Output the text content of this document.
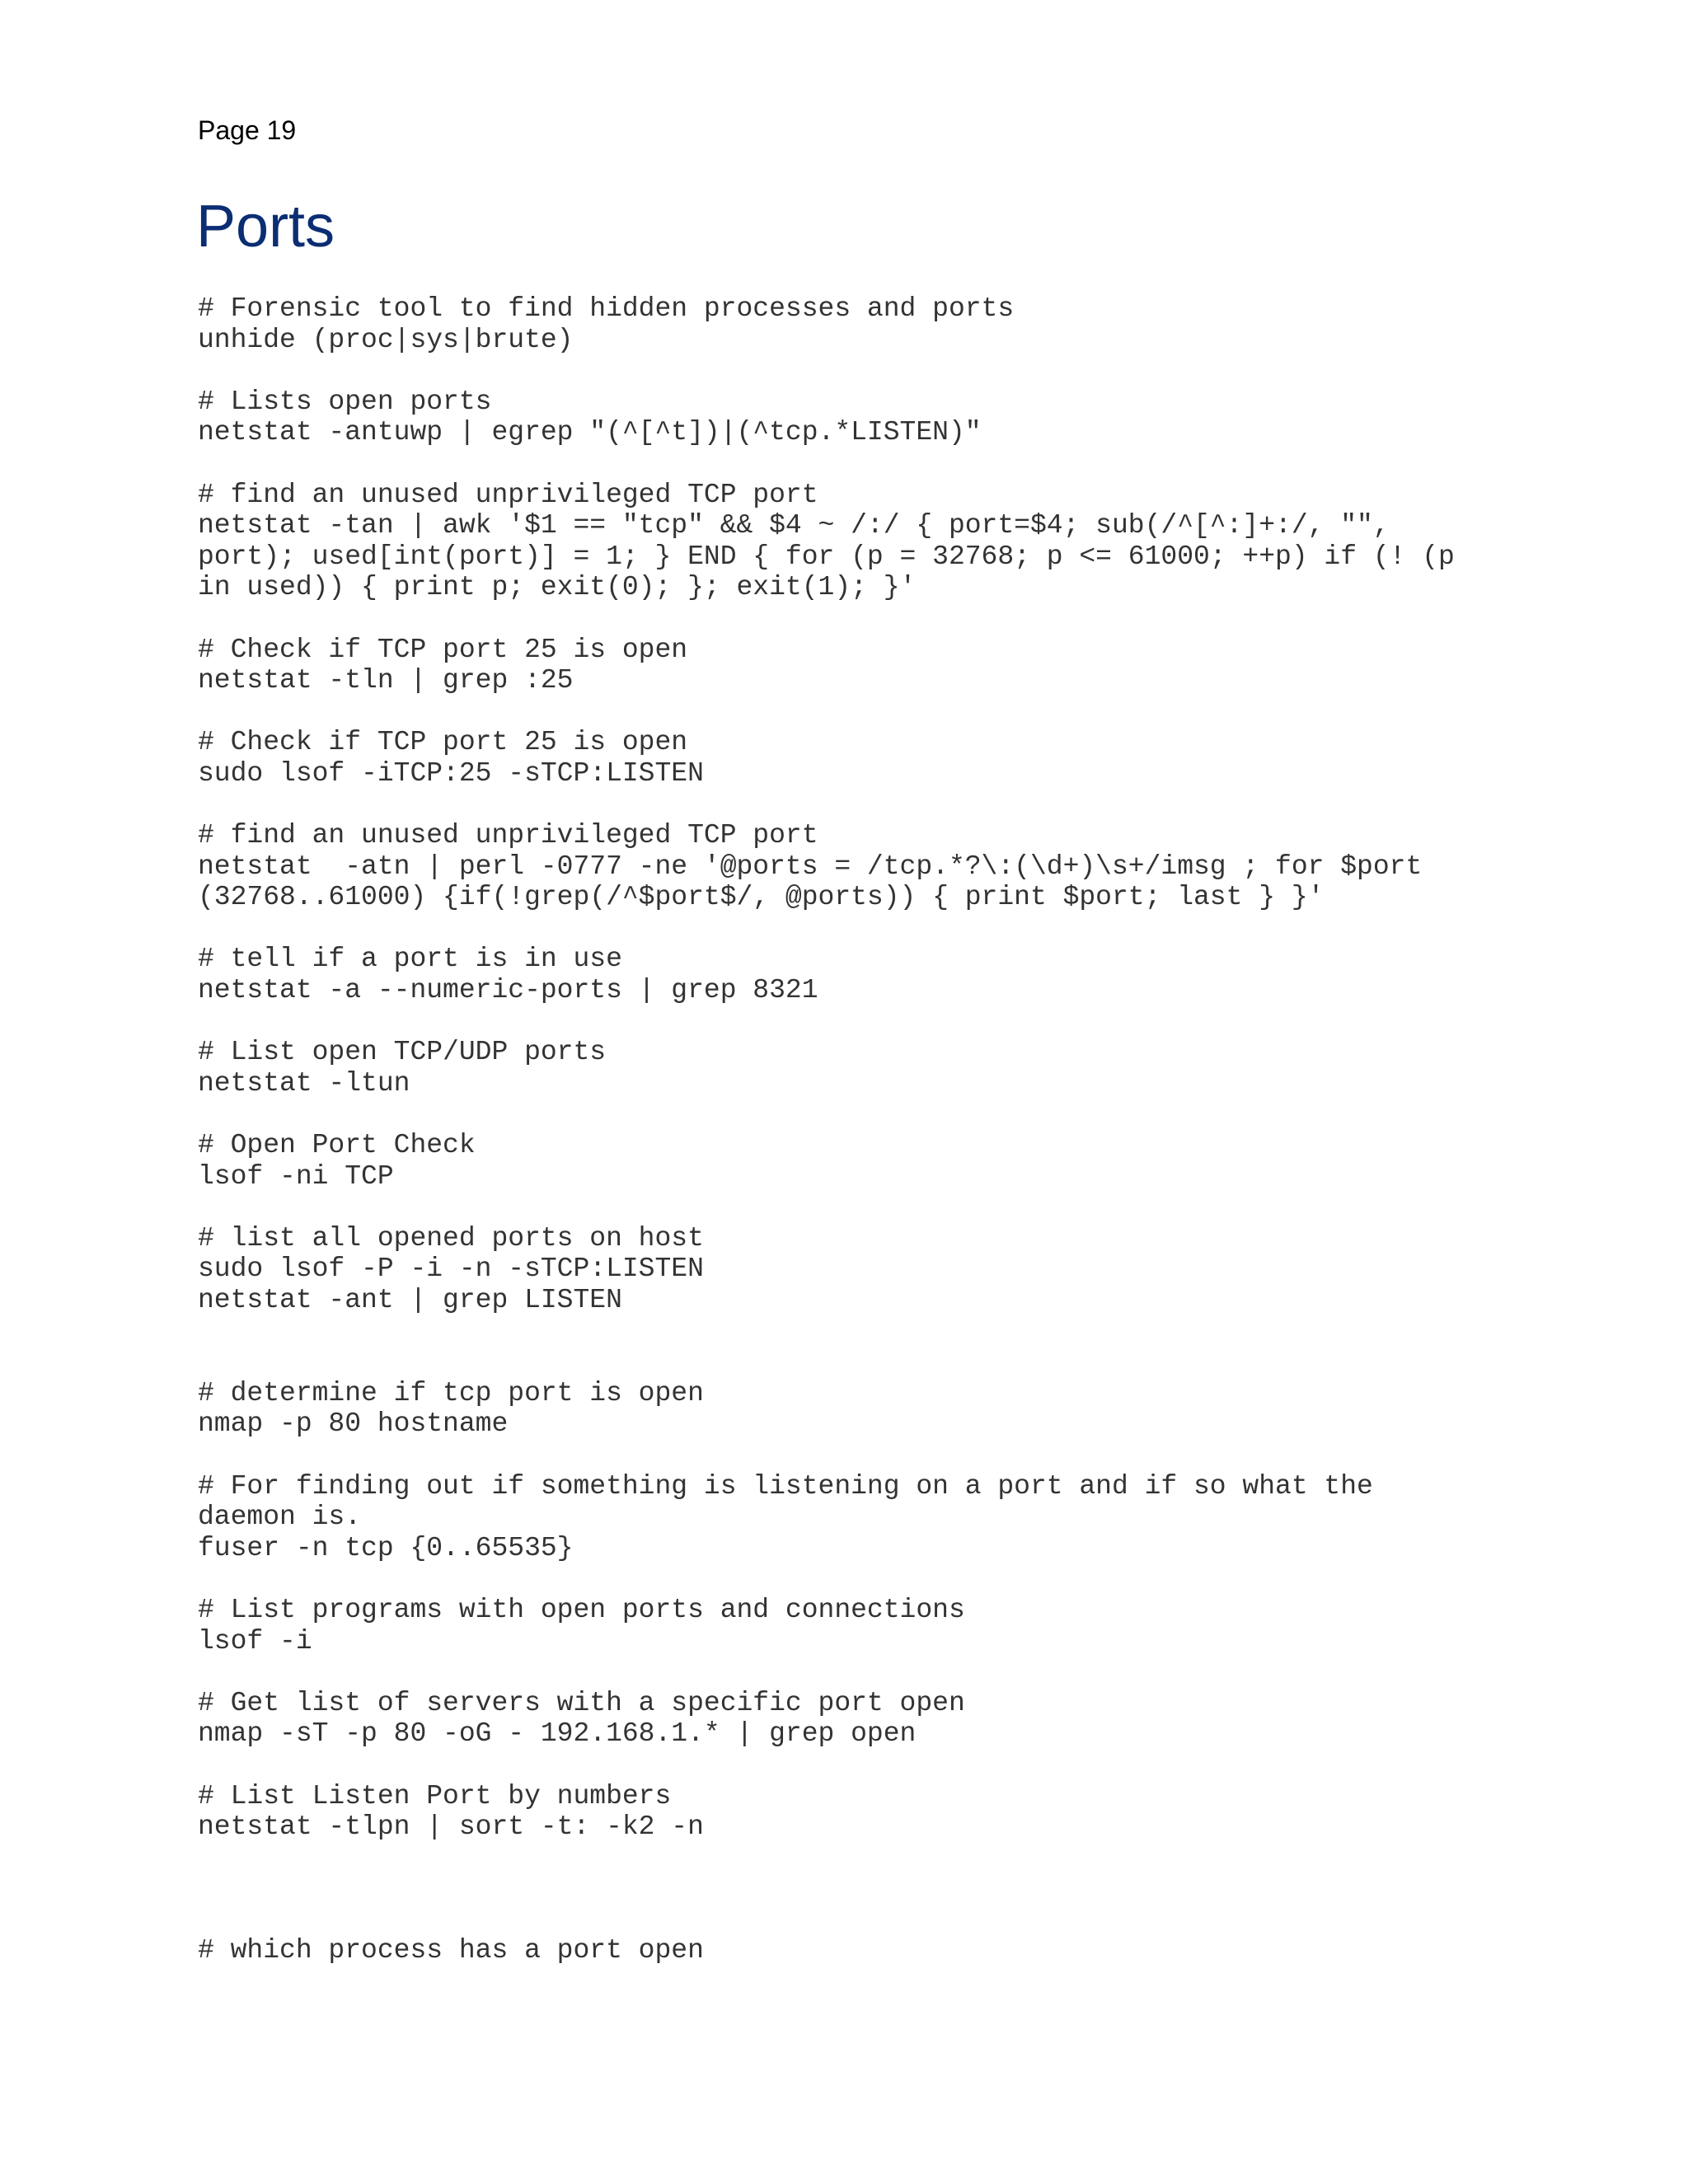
Page 19

Ports
# Forensic tool to find hidden processes and ports
unhide (proc|sys|brute)
# Lists open ports
netstat -antuwp | egrep "(^[^t])|(^tcp.*LISTEN)"
# find an unused unprivileged TCP port
netstat -tan | awk '$1 == "tcp" && $4 ~ /:/ { port=$4; sub(/^[^:]+:/, "",
port); used[int(port)] = 1; } END { for (p = 32768; p <= 61000; ++p) if (! (p
in used)) { print p; exit(0); }; exit(1); }'
# Check if TCP port 25 is open
netstat -tln | grep :25
# Check if TCP port 25 is open
sudo lsof -iTCP:25 -sTCP:LISTEN
# find an unused unprivileged TCP port
netstat  -atn | perl -0777 -ne '@ports = /tcp.*?\:(\d+)\s+/imsg ; for $port
(32768..61000) {if(!grep(/^$port$/, @ports)) { print $port; last } }'
# tell if a port is in use
netstat -a --numeric-ports | grep 8321
# List open TCP/UDP ports
netstat -ltun
# Open Port Check
lsof -ni TCP
# list all opened ports on host
sudo lsof -P -i -n -sTCP:LISTEN
netstat -ant | grep LISTEN
# determine if tcp port is open
nmap -p 80 hostname
# For finding out if something is listening on a port and if so what the
daemon is.
fuser -n tcp {0..65535}
# List programs with open ports and connections
lsof -i
# Get list of servers with a specific port open
nmap -sT -p 80 -oG - 192.168.1.* | grep open
# List Listen Port by numbers
netstat -tlpn | sort -t: -k2 -n
# which process has a port open
